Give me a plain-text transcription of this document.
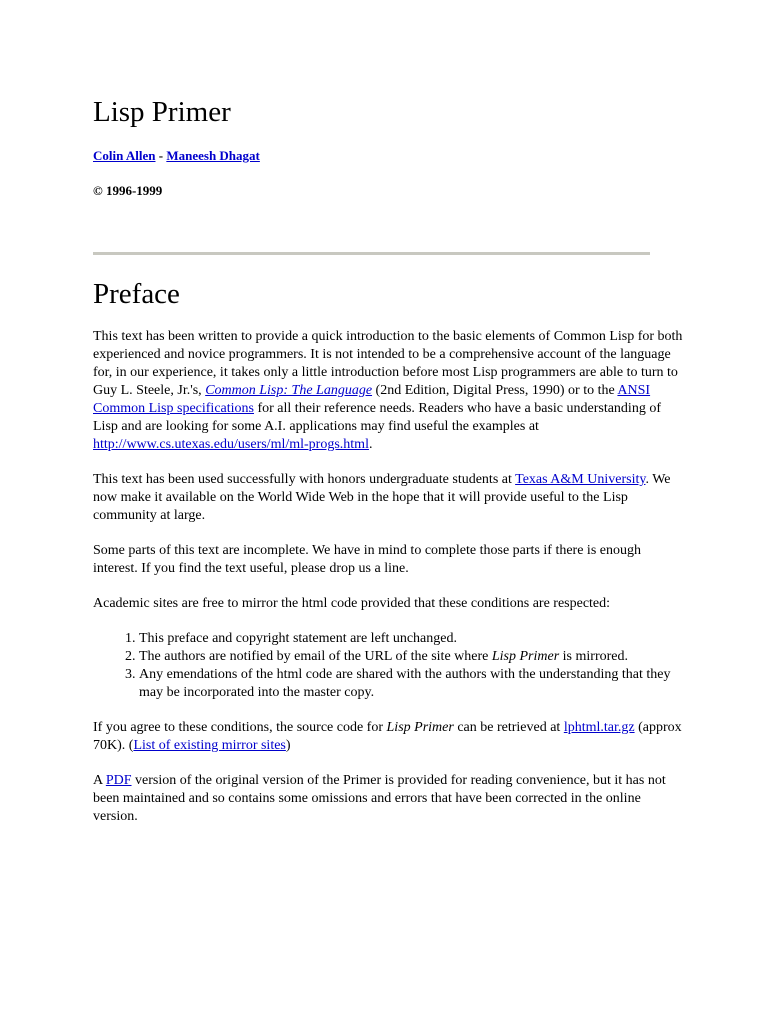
Lisp Primer
Colin Allen - Maneesh Dhagat
© 1996-1999
Preface

This text has been written to provide a quick introduction to the basic elements of Common Lisp for both experienced and novice programmers. It is not intended to be a comprehensive account of the language for, in our experience, it takes only a little introduction before most Lisp programmers are able to turn to Guy L. Steele, Jr.'s, Common Lisp: The Language (2nd Edition, Digital Press, 1990) or to the ANSI Common Lisp specifications for all their reference needs. Readers who have a basic understanding of Lisp and are looking for some A.I. applications may find useful the examples at http://www.cs.utexas.edu/users/ml/ml-progs.html.

This text has been used successfully with honors undergraduate students at Texas A&M University. We now make it available on the World Wide Web in the hope that it will provide useful to the Lisp community at large.

Some parts of this text are incomplete. We have in mind to complete those parts if there is enough interest. If you find the text useful, please drop us a line.

Academic sites are free to mirror the html code provided that these conditions are respected:

1. This preface and copyright statement are left unchanged.
2. The authors are notified by email of the URL of the site where Lisp Primer is mirrored.
3. Any emendations of the html code are shared with the authors with the understanding that they may be incorporated into the master copy.

If you agree to these conditions, the source code for Lisp Primer can be retrieved at lphtml.tar.gz (approx 70K). (List of existing mirror sites)

A PDF version of the original version of the Primer is provided for reading convenience, but it has not been maintained and so contains some omissions and errors that have been corrected in the online version.
